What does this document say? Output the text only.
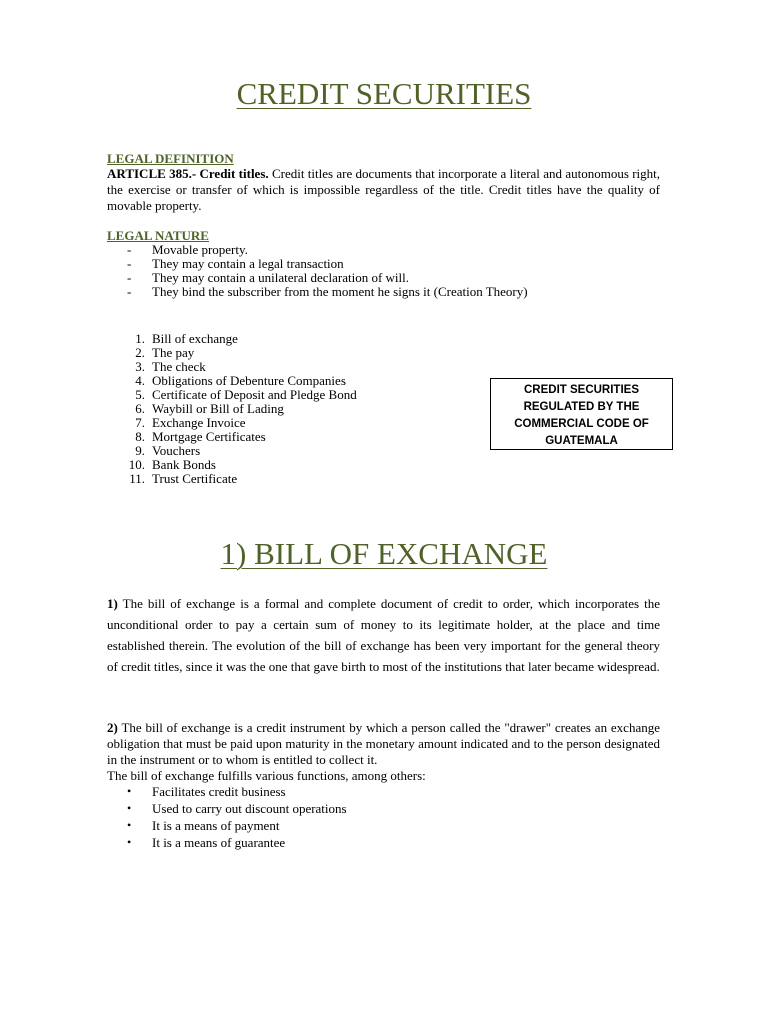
CREDIT SECURITIES
LEGAL DEFINITION
ARTICLE 385.- Credit titles. Credit titles are documents that incorporate a literal and autonomous right, the exercise or transfer of which is impossible regardless of the title. Credit titles have the quality of movable property.
LEGAL NATURE
-	Movable property.
-	They may contain a legal transaction
-	They may contain a unilateral declaration of will.
-	They bind the subscriber from the moment he signs it (Creation Theory)
1. Bill of exchange
2. The pay
3. The check
4. Obligations of Debenture Companies
5. Certificate of Deposit and Pledge Bond
6. Waybill or Bill of Lading
7. Exchange Invoice
8. Mortgage Certificates
9. Vouchers
10. Bank Bonds
11. Trust Certificate
CREDIT SECURITIES
REGULATED BY THE
COMMERCIAL CODE OF
GUATEMALA
1) BILL OF EXCHANGE
1) The bill of exchange is a formal and complete document of credit to order, which incorporates the unconditional order to pay a certain sum of money to its legitimate holder, at the place and time established therein. The evolution of the bill of exchange has been very important for the general theory of credit titles, since it was the one that gave birth to most of the institutions that later became widespread.
2) The bill of exchange is a credit instrument by which a person called the "drawer" creates an exchange obligation that must be paid upon maturity in the monetary amount indicated and to the person designated in the instrument or to whom is entitled to collect it.
The bill of exchange fulfills various functions, among others:
•	Facilitates credit business
•	Used to carry out discount operations
•	It is a means of payment
•	It is a means of guarantee
